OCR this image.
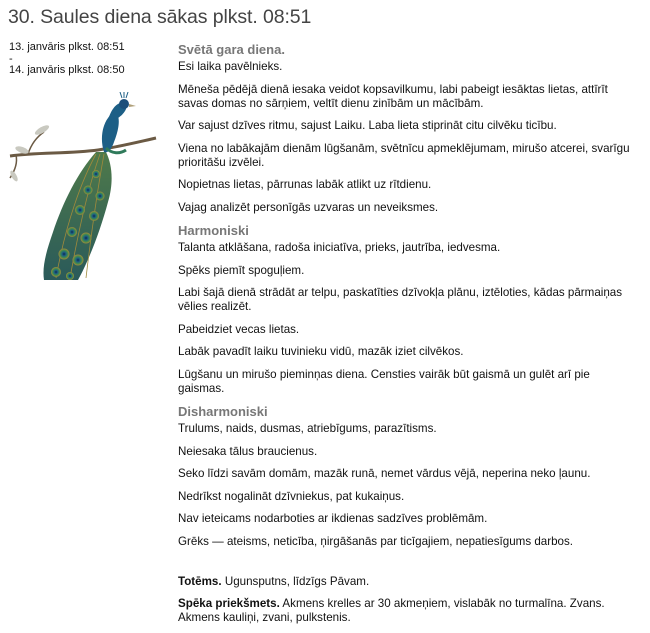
30. Saules diena sākas plkst. 08:51
13. janvāris plkst. 08:51
-
14. janvāris plkst. 08:50
Svētā gara diena.

Esi laika pavēlnieks.

Mēneša pēdējā dienā iesaka veidot kopsavilkumu, labi pabeigt iesāktas lietas, attīrīt savas domas no sārņiem, veltīt dienu zinībām un mācībām.

Var sajust dzīves ritmu, sajust Laiku. Laba lieta stiprināt citu cilvēku ticību.

Viena no labākajām dienām lūgšanām, svētnīcu apmeklējumam, mirušo atcerei, svarīgu prioritāšu izvēlei.

Nopietnas lietas, pārrunas labāk atlikt uz rītdienu.

Vajag analizēt personīgās uzvaras un neveiksmes.

Harmoniski

Talanta atklāšana, radoša iniciatīva, prieks, jautrība, iedvesma.

Spēks piemīt spoguļiem.

Labi šajā dienā strādāt ar telpu, paskatīties dzīvokļa plānu, iztēloties, kādas pārmaiņas vēlies realizēt.

Pabeidziet vecas lietas.

Labāk pavadīt laiku tuvinieku vidū, mazāk iziet cilvēkos.

Lūgšanu un mirušo pieminņas diena. Censties vairāk būt gaismā un gulēt arī pie gaismas.

Disharmoniski

Trulums, naids, dusmas, atriebīgums, parazītisms.

Neiesaka tālus braucienus.

Seko līdzi savām domām, mazāk runā, nemet vārdus vējā, neperina neko ļaunu.

Nedrīkst nogalināt dzīvniekus, pat kukaiņus.

Nav ieteicams nodarboties ar ikdienas sadzīves problēmām.

Grēks — ateisms, neticība, ņirgāšanās par ticīgajiem, nepatiesīgums darbos.

Totēms. Ugunsputns, līdzīgs Pāvam.

Spēka priekšmets. Akmens krelles ar 30 akmeņiem, vislabāk no turmalīna. Zvans. Akmens kauliņi, zvani, pulkstenis.
